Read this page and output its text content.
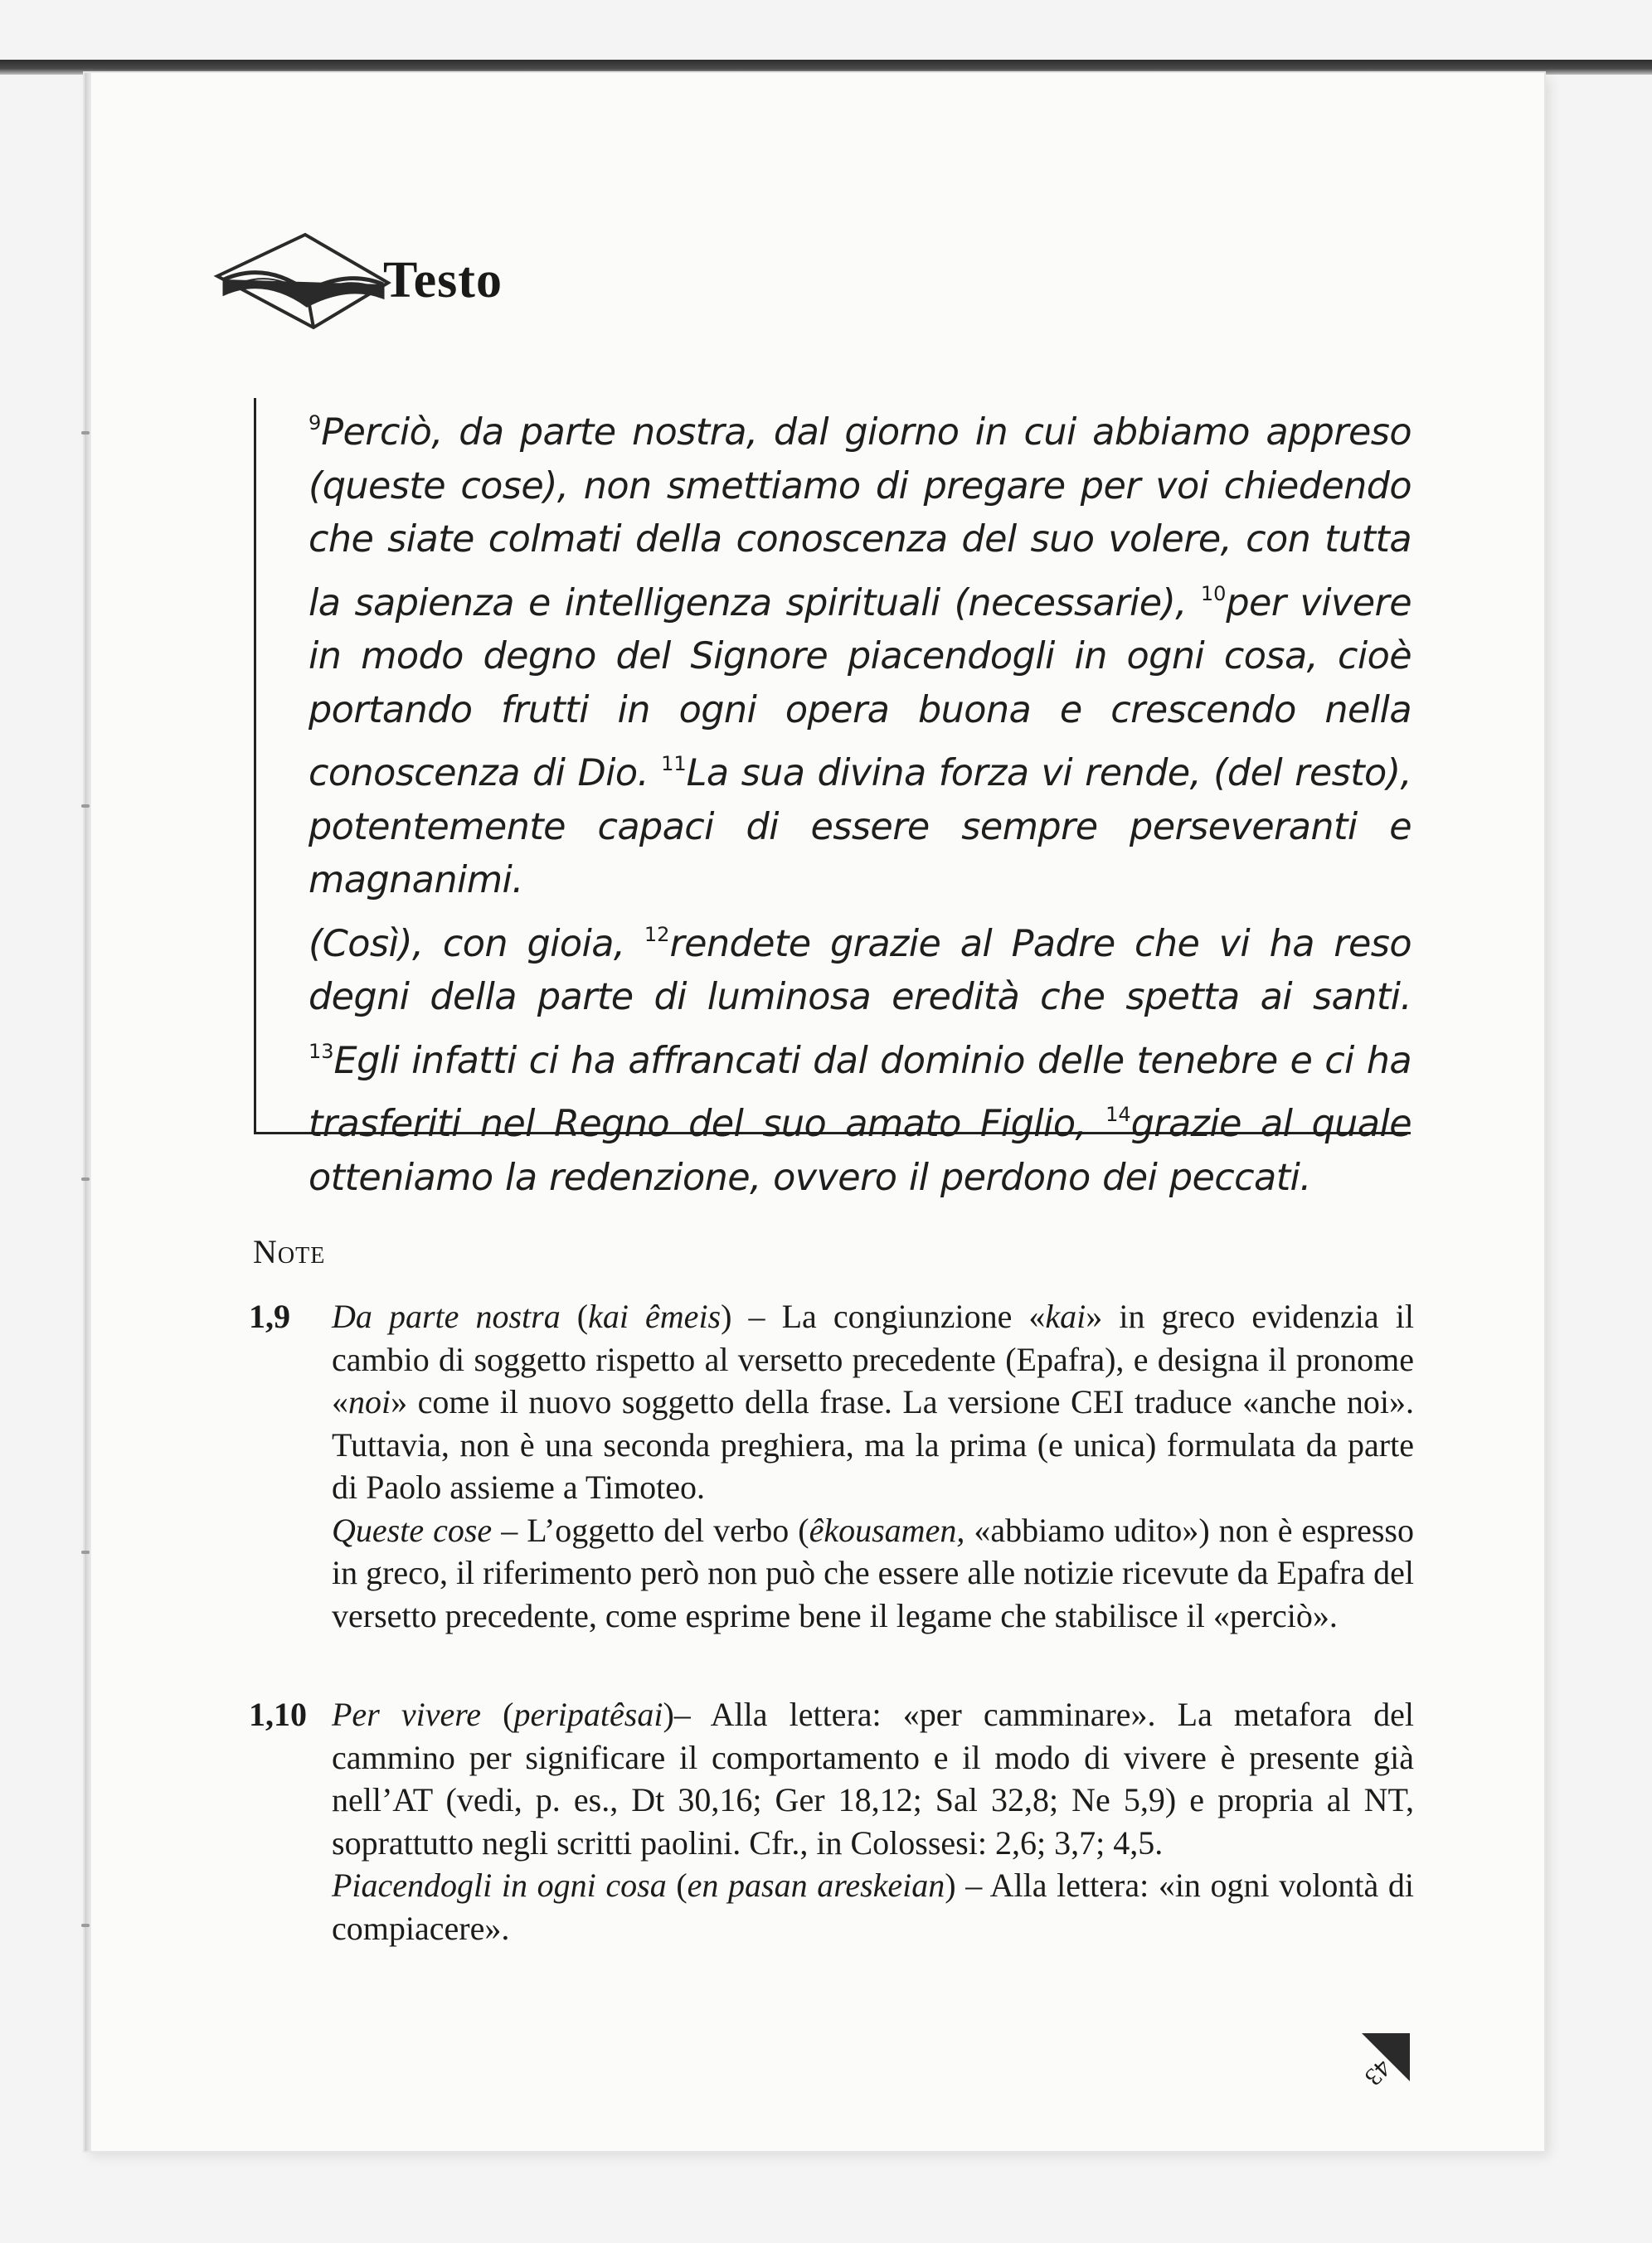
Testo

$^9$Perciò, da parte nostra, dal giorno in cui abbiamo appreso (queste cose), non smettiamo di pregare per voi chiedendo che siate colmati della conoscenza del suo volere, con tutta la sapienza e intelligenza spirituali (necessarie), $^{10}$per vivere in modo degno del Signore piacendogli in ogni cosa, cioè portando frutti in ogni opera buona e crescendo nella conoscenza di Dio. $^{11}$La sua divina forza vi rende, (del resto), potentemente capaci di essere sempre perseveranti e magnanimi.
(Così), con gioia, $^{12}$rendete grazie al Padre che vi ha reso degni della parte di luminosa eredità che spetta ai santi. $^{13}$Egli infatti ci ha affrancati dal dominio delle tenebre e ci ha trasferiti nel Regno del suo amato Figlio, $^{14}$grazie al quale otteniamo la redenzione, ovvero il perdono dei peccati.

Note
1,9 Da parte nostra (kai êmeis) – La congiunzione «kai» in greco evidenzia il cambio di soggetto rispetto al versetto precedente (Epafra), e designa il pronome «noi» come il nuovo soggetto della frase. La versione CEI traduce «anche noi». Tuttavia, non è una seconda preghiera, ma la prima (e unica) formulata da parte di Paolo assieme a Timoteo.

Queste cose – L’oggetto del verbo (êkousamen, «abbiamo udito») non è espresso in greco, il riferimento però non può che essere alle notizie ricevute da Epafra del versetto precedente, come esprime bene il legame che stabilisce il «perciò».

1,10 Per vivere (peripatêsai)– Alla lettera: «per camminare». La metafora del cammino per significare il comportamento e il modo di vivere è presente già nell’AT (vedi, p. es., Dt 30,16; Ger 18,12; Sal 32,8; Ne 5,9) e propria al NT, soprattutto negli scritti paolini. Cfr., in Colossesi: 2,6; 3,7; 4,5.

Piacendogli in ogni cosa (en pasan areskeian) – Alla lettera: «in ogni volontà di compiacere».

43
